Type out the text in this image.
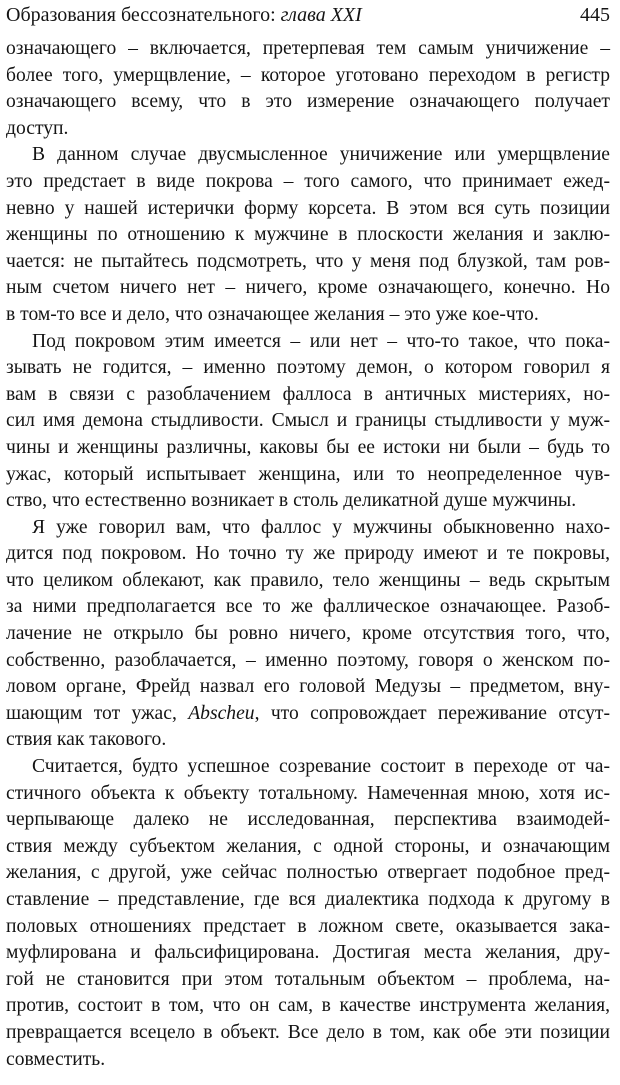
Образования бессознательного: глава XXI	445
означающего – включается, претерпевая тем самым уничижение –
более того, умерщвление, – которое уготовано переходом в регистр
означающего всему, что в это измерение означающего получает
доступ.
В данном случае двусмысленное уничижение или умерщвление
это предстает в виде покрова – того самого, что принимает ежед-
невно у нашей истерички форму корсета. В этом вся суть позиции
женщины по отношению к мужчине в плоскости желания и заклю-
чается: не пытайтесь подсмотреть, что у меня под блузкой, там ров-
ным счетом ничего нет – ничего, кроме означающего, конечно. Но
в том-то все и дело, что означающее желания – это уже кое-что.
Под покровом этим имеется – или нет – что-то такое, что пока-
зывать не годится, – именно поэтому демон, о котором говорил я
вам в связи с разоблачением фаллоса в античных мистериях, но-
сил имя демона стыдливости. Смысл и границы стыдливости у муж-
чины и женщины различны, каковы бы ее истоки ни были – будь то
ужас, который испытывает женщина, или то неопределенное чув-
ство, что естественно возникает в столь деликатной душе мужчины.
Я уже говорил вам, что фаллос у мужчины обыкновенно нахо-
дится под покровом. Но точно ту же природу имеют и те покровы,
что целиком облекают, как правило, тело женщины – ведь скрытым
за ними предполагается все то же фаллическое означающее. Разоб-
лачение не открыло бы ровно ничего, кроме отсутствия того, что,
собственно, разоблачается, – именно поэтому, говоря о женском по-
ловом органе, Фрейд назвал его головой Медузы – предметом, вну-
шающим тот ужас, Abscheu, что сопровождает переживание отсут-
ствия как такового.
Считается, будто успешное созревание состоит в переходе от ча-
стичного объекта к объекту тотальному. Намеченная мною, хотя ис-
черпывающе далеко не исследованная, перспектива взаимодей-
ствия между субъектом желания, с одной стороны, и означающим
желания, с другой, уже сейчас полностью отвергает подобное пред-
ставление – представление, где вся диалектика подхода к другому в
половых отношениях предстает в ложном свете, оказывается зака-
муфлирована и фальсифицирована. Достигая места желания, дру-
гой не становится при этом тотальным объектом – проблема, на-
против, состоит в том, что он сам, в качестве инструмента желания,
превращается всецело в объект. Все дело в том, как обе эти позиции
совместить.
